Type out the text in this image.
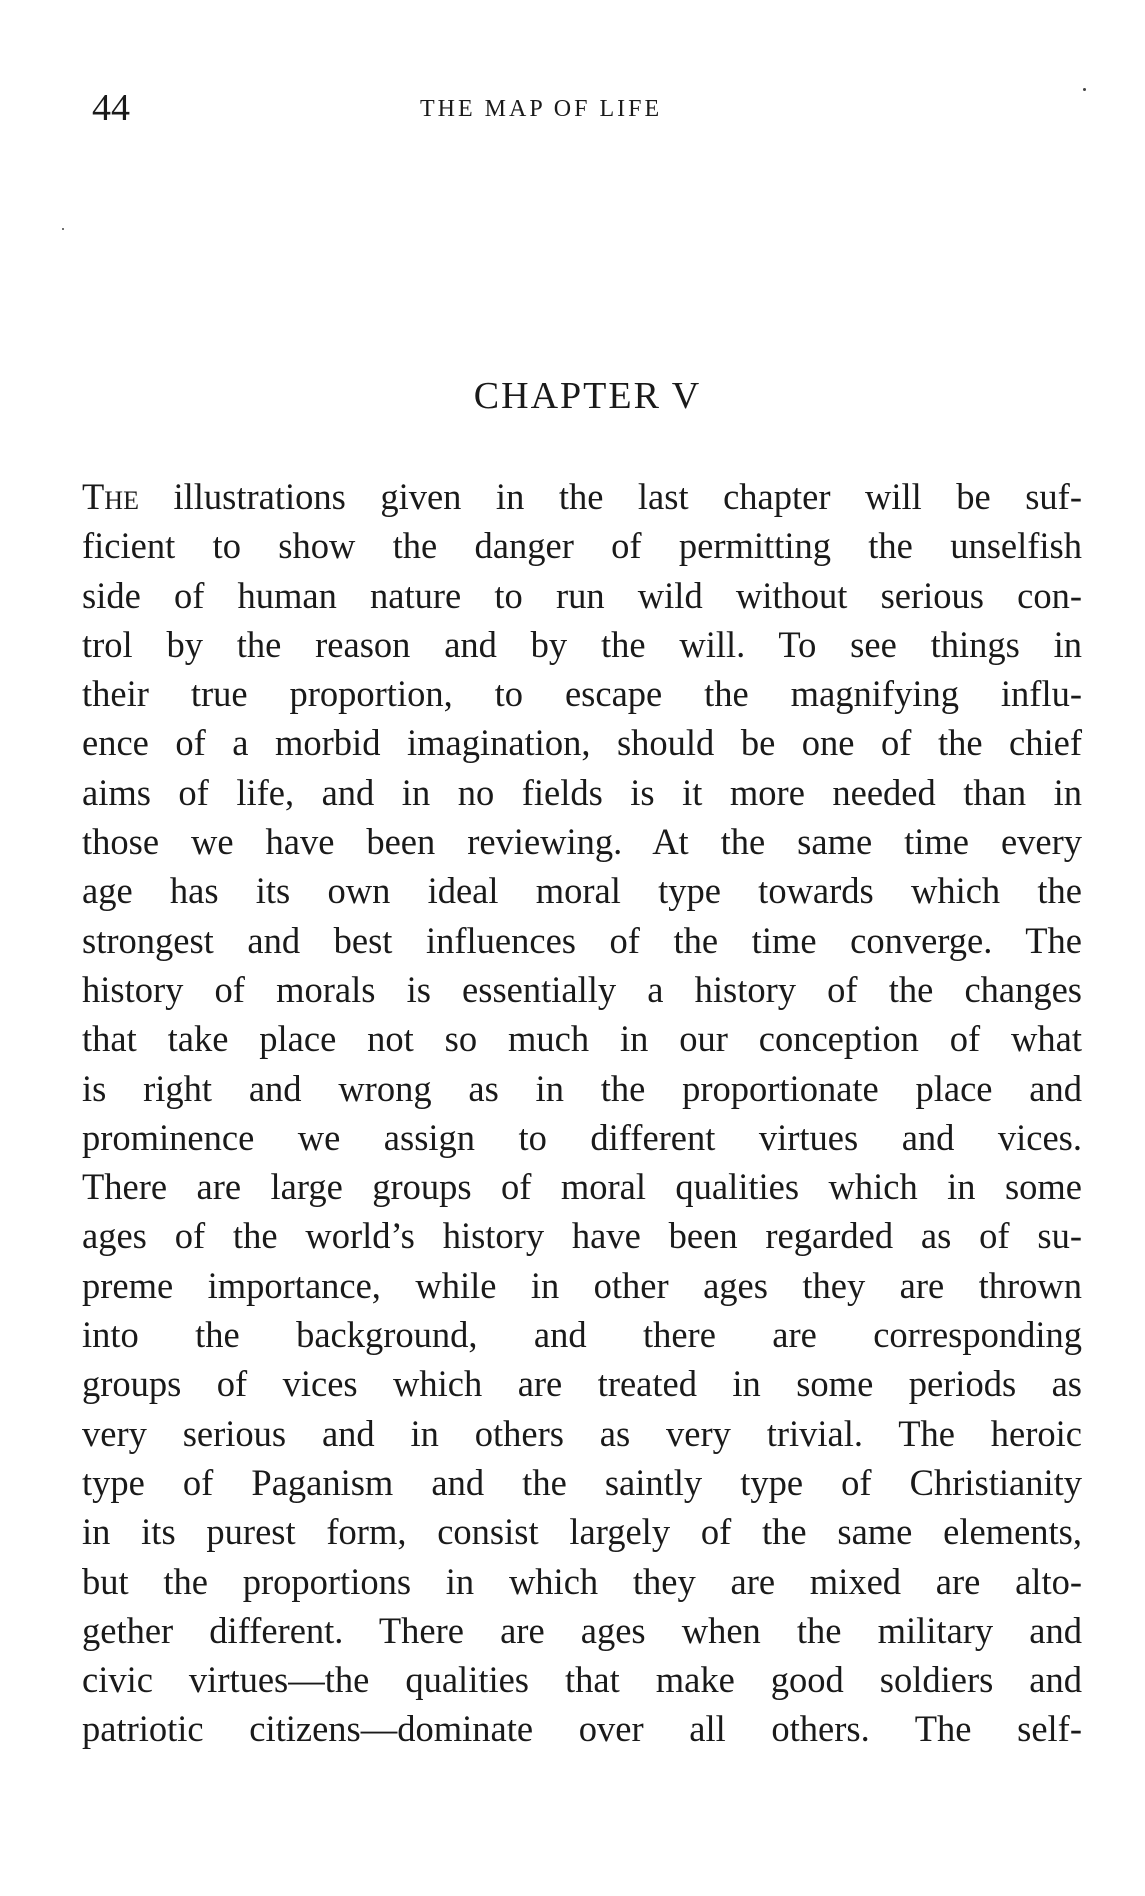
44	THE MAP OF LIFE
CHAPTER V
The illustrations given in the last chapter will be suf-
ficient to show the danger of permitting the unselfish
side of human nature to run wild without serious con-
trol by the reason and by the will. To see things in
their true proportion, to escape the magnifying influ-
ence of a morbid imagination, should be one of the chief
aims of life, and in no fields is it more needed than in
those we have been reviewing. At the same time every
age has its own ideal moral type towards which the
strongest and best influences of the time converge. The
history of morals is essentially a history of the changes
that take place not so much in our conception of what
is right and wrong as in the proportionate place and
prominence we assign to different virtues and vices.
There are large groups of moral qualities which in some
ages of the world’s history have been regarded as of su-
preme importance, while in other ages they are thrown
into the background, and there are corresponding
groups of vices which are treated in some periods as
very serious and in others as very trivial. The heroic
type of Paganism and the saintly type of Christianity
in its purest form, consist largely of the same elements,
but the proportions in which they are mixed are alto-
gether different. There are ages when the military and
civic virtues—the qualities that make good soldiers and
patriotic citizens—dominate over all others. The self-
